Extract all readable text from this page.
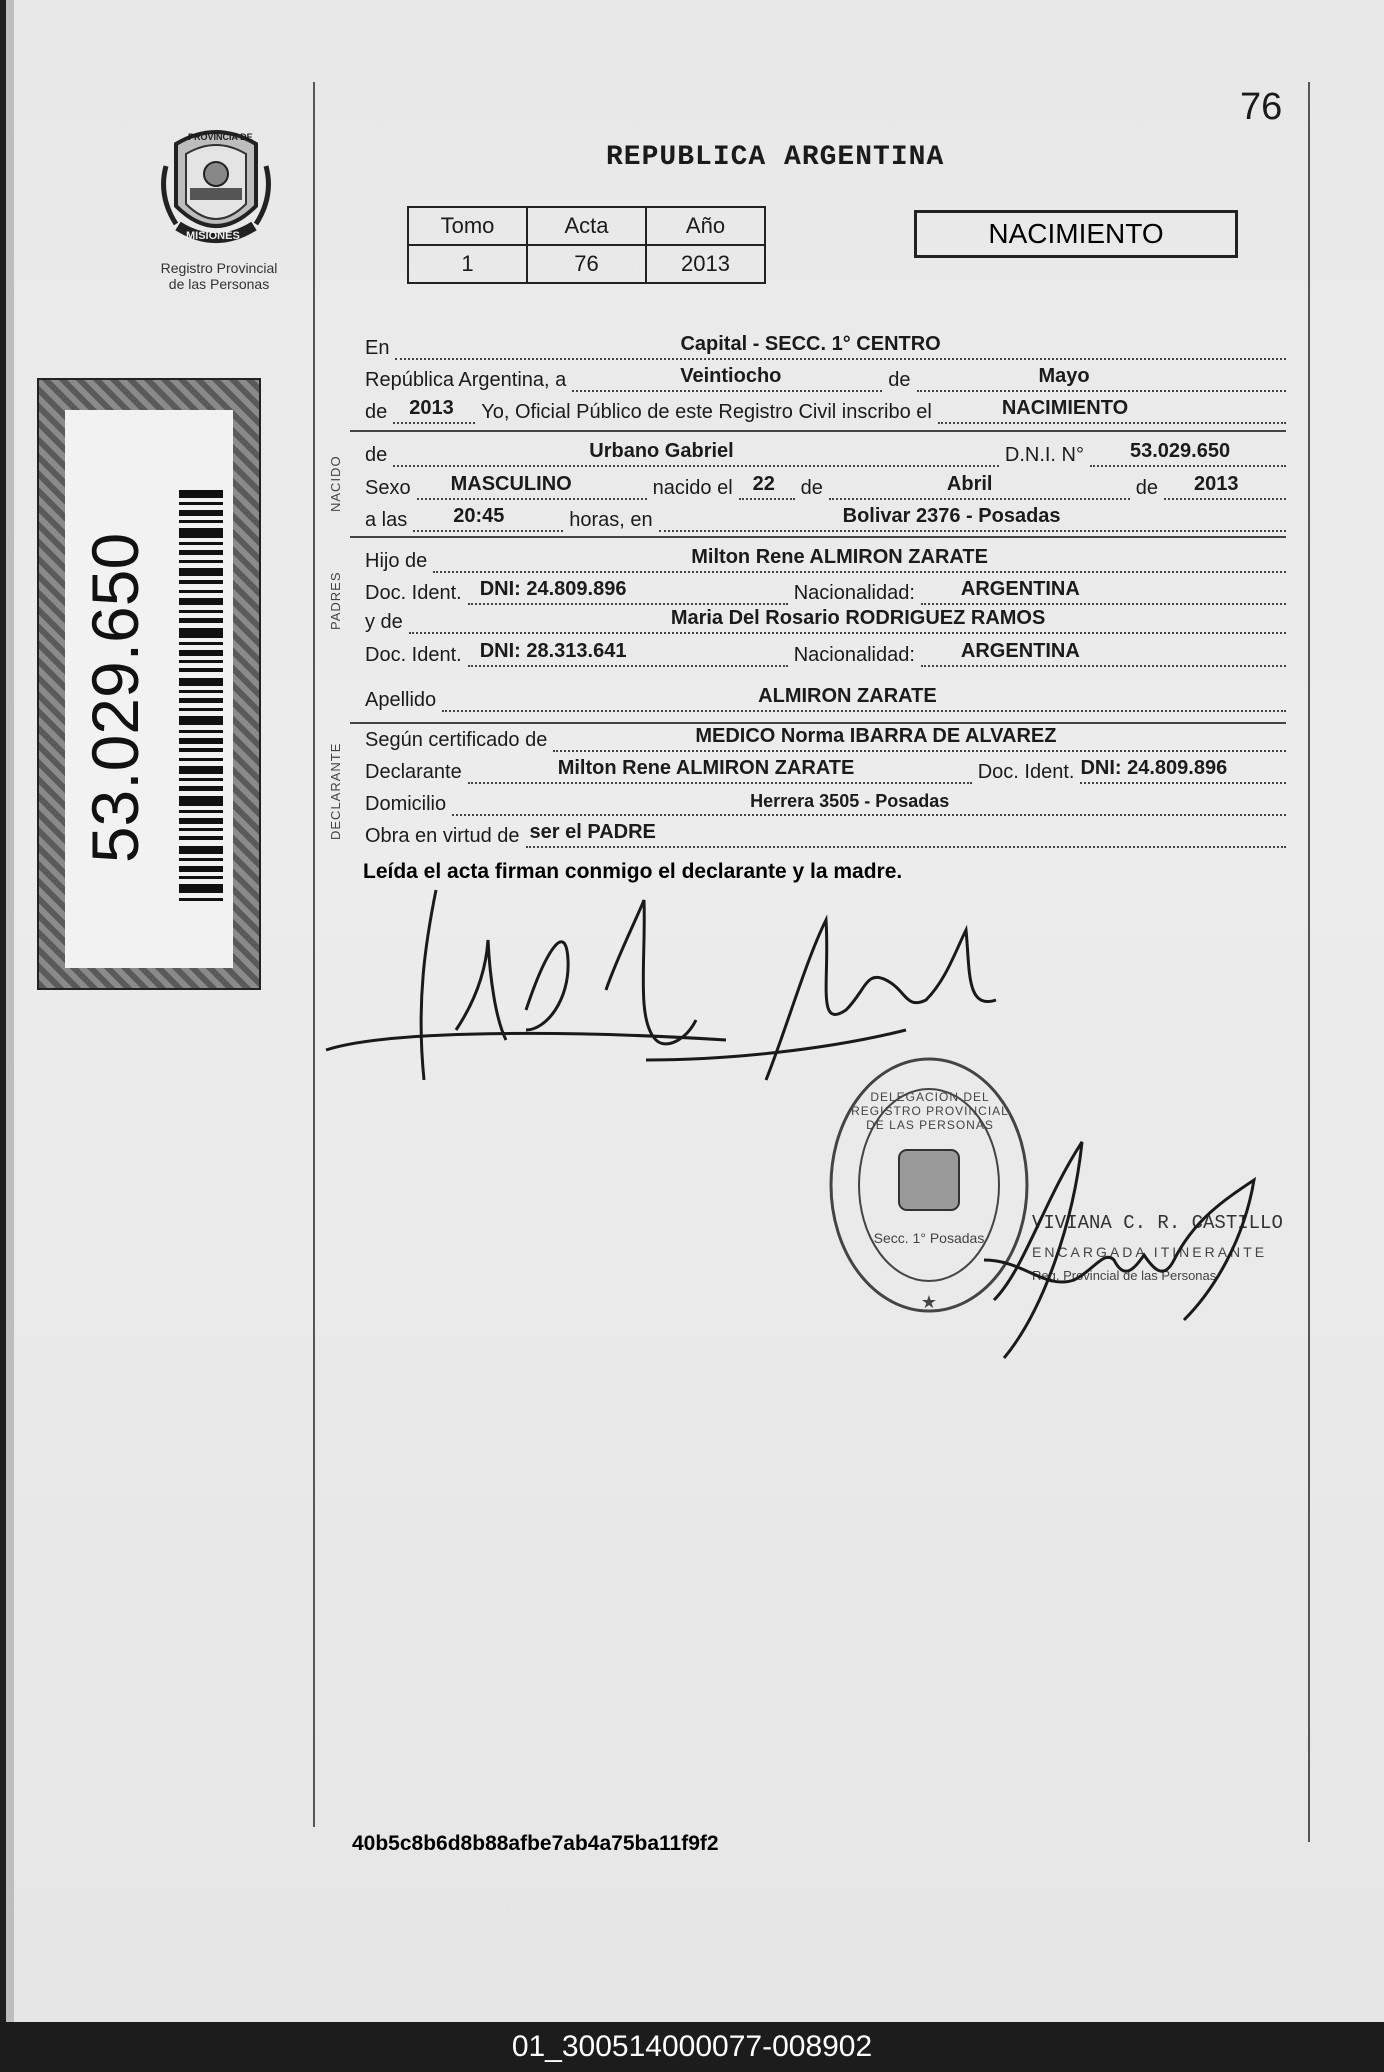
76
REPUBLICA ARGENTINA
PROVINCIA DE
MISIONES
Registro Provincial
de las Personas
53.029.650
Tomo	Acta	Año
1	76	2013
NACIMIENTO
En	Capital - SECC. 1° CENTRO
República Argentina, a	Veintiocho	de	Mayo
de	2013 Yo, Oficial Público de este Registro Civil inscribo el	NACIMIENTO
NACIDO
de	Urbano Gabriel	D.N.I. N°	53.029.650
Sexo	MASCULINO	nacido el	22 de	Abril	de	2013
a las	20:45	horas, en	Bolivar 2376 - Posadas
PADRES
Hijo de	Milton Rene ALMIRON ZARATE
Doc. Ident. DNI: 24.809.896	Nacionalidad:	ARGENTINA
y de	Maria Del Rosario RODRIGUEZ RAMOS
Doc. Ident. DNI: 28.313.641	Nacionalidad:	ARGENTINA
Apellido	ALMIRON ZARATE
DECLARANTE
Según certificado de	MEDICO Norma IBARRA DE ALVAREZ
Declarante	Milton Rene ALMIRON ZARATE	Doc. Ident. DNI: 24.809.896
Domicilio	Herrera 3505 - Posadas
Obra en virtud de ser el PADRE
Leída el acta firman conmigo el declarante y la madre.
★
DELEGACION DEL REGISTRO PROVINCIAL DE LAS PERSONAS
Secc. 1° Posadas
VIVIANA C. R. CASTILLO
ENCARGADA ITINERANTE
Reg. Provincial de las Personas
40b5c8b6d8b88afbe7ab4a75ba11f9f2
01_300514000077-008902
